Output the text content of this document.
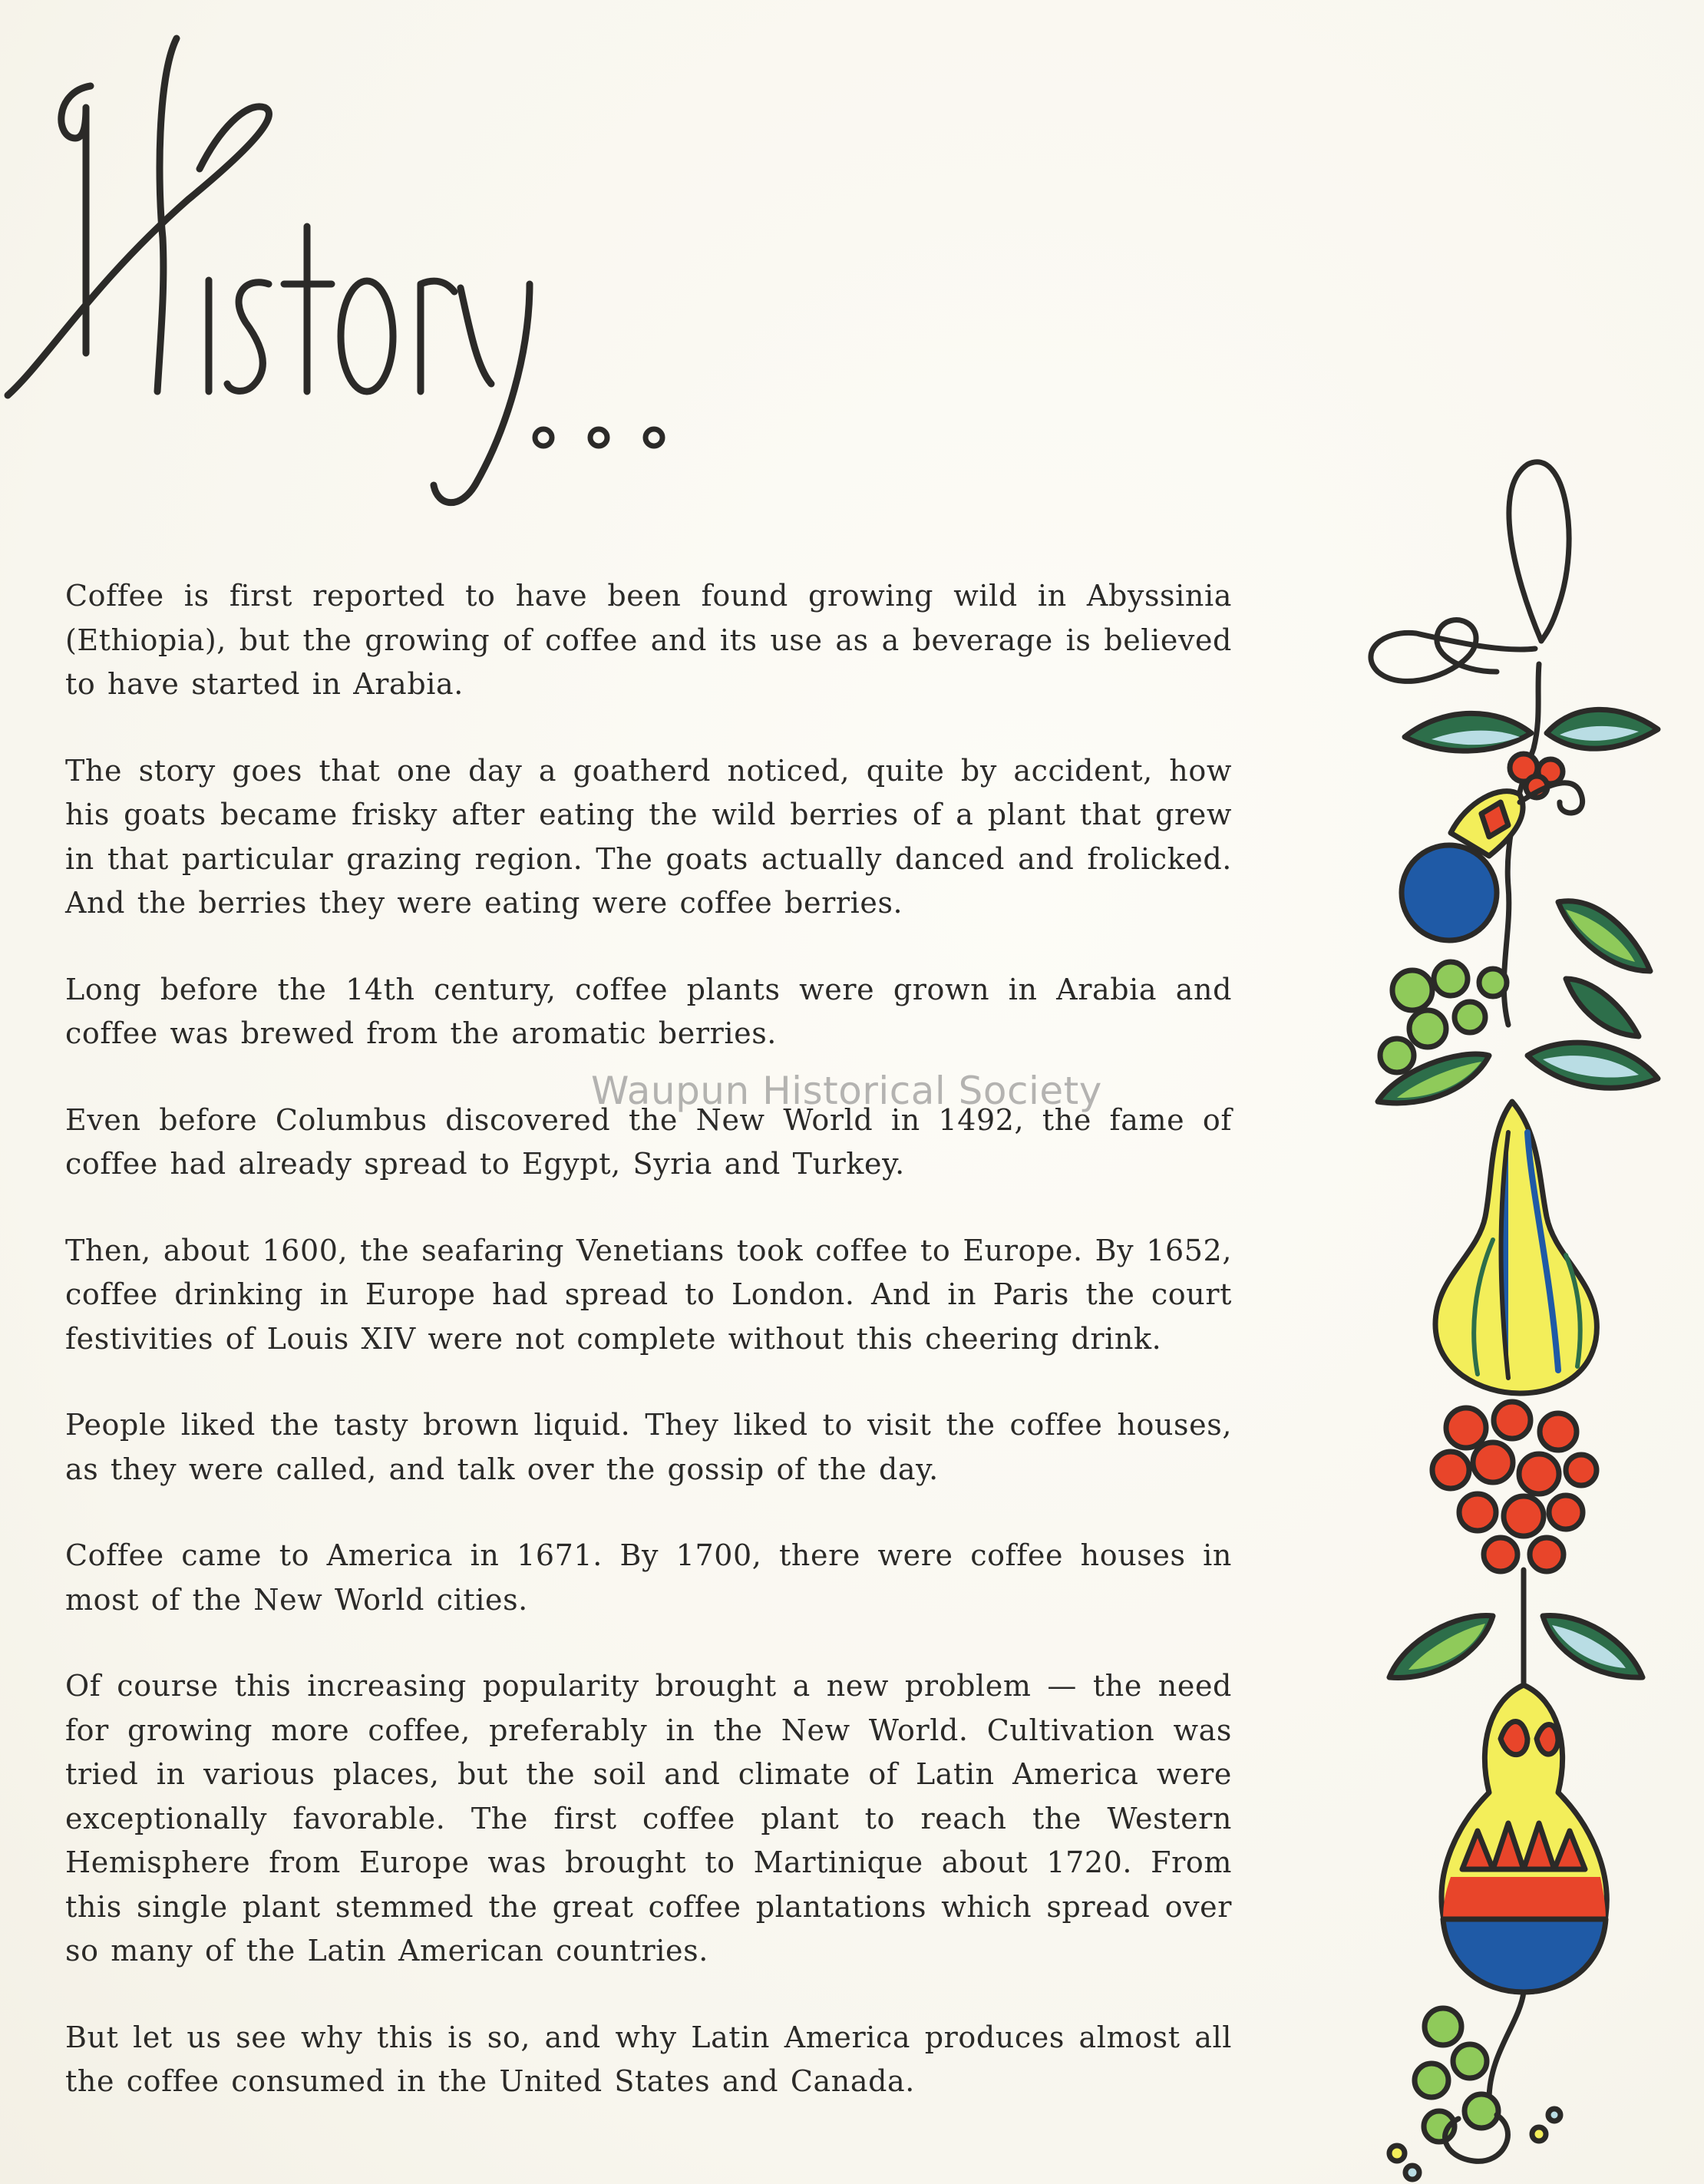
Coffee is first reported to have been found growing wild in Abyssinia (Ethiopia), but the growing of coffee and its use as a beverage is believed to have started in Arabia.

The story goes that one day a goatherd noticed, quite by accident, how his goats became frisky after eating the wild berries of a plant that grew in that particular grazing region. The goats actually danced and frolicked. And the berries they were eating were coffee berries.

Long before the 14th century, coffee plants were grown in Arabia and coffee was brewed from the aromatic berries.

Even before Columbus discovered the New World in 1492, the fame of coffee had already spread to Egypt, Syria and Turkey.

Then, about 1600, the seafaring Venetians took coffee to Europe. By 1652, coffee drinking in Europe had spread to London. And in Paris the court festivities of Louis XIV were not complete without this cheering drink.

People liked the tasty brown liquid. They liked to visit the coffee houses, as they were called, and talk over the gossip of the day.

Coffee came to America in 1671. By 1700, there were coffee houses in most of the New World cities.

Of course this increasing popularity brought a new problem — the need for growing more coffee, preferably in the New World. Cultivation was tried in various places, but the soil and climate of Latin America were exceptionally favorable. The first coffee plant to reach the Western Hemisphere from Europe was brought to Martinique about 1720. From this single plant stemmed the great coffee plantations which spread over so many of the Latin American countries.

But let us see why this is so, and why Latin America produces almost all the coffee consumed in the United States and Canada.

Waupun Historical Society
